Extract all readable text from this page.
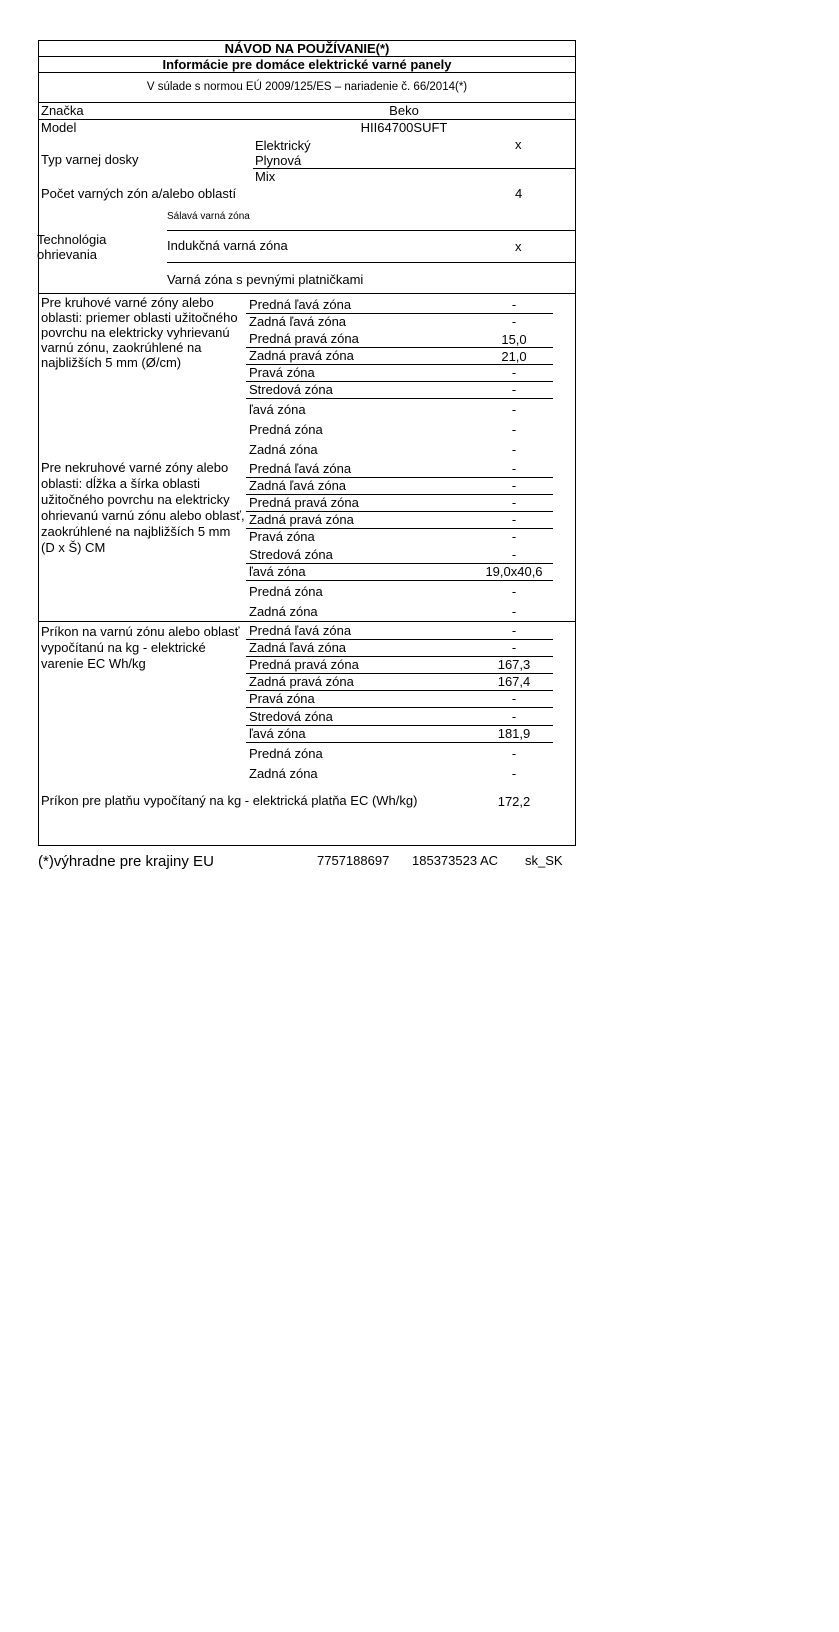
NÁVOD NA POUŽÍVANIE(*)
Informácie pre domáce elektrické varné panely
V súlade s normou EÚ 2009/125/ES – nariadenie č. 66/2014(*)
Značka	Beko
Model	HII64700SUFT
Typ varnej dosky
Elektrický	x
Plynová
Mix
Počet varných zón a/alebo oblastí	4
Sálavá varná zóna
Technológia ohrievania
Indukčná varná zóna	x
Varná zóna s pevnými platničkami
Pre kruhové varné zóny alebo oblasti: priemer oblasti užitočného povrchu na elektricky vyhrievanú varnú zónu, zaokrúhlené na najbližších 5 mm (Ø/cm)
Predná ľavá zóna	-
Zadná ľavá zóna	-
Predná pravá zóna	15,0
Zadná pravá zóna	21,0
Pravá zóna	-
Stredová zóna	-
ľavá zóna	-
Predná zóna	-
Zadná zóna	-
Pre nekruhové varné zóny alebo oblasti: dĺžka a šírka oblasti užitočného povrchu na elektricky ohrievanú varnú zónu alebo oblasť, zaokrúhlené na najbližších 5 mm (D x Š) CM
Predná ľavá zóna	-
Zadná ľavá zóna	-
Predná pravá zóna	-
Zadná pravá zóna	-
Pravá zóna	-
Stredová zóna	-
ľavá zóna	19,0x40,6
Predná zóna	-
Zadná zóna	-
Príkon na varnú zónu alebo oblasť vypočítanú na kg - elektrické varenie EC Wh/kg
Predná ľavá zóna	-
Zadná ľavá zóna	-
Predná pravá zóna	167,3
Zadná pravá zóna	167,4
Pravá zóna	-
Stredová zóna	-
ľavá zóna	181,9
Predná zóna	-
Zadná zóna	-
Príkon pre platňu vypočítaný na kg - elektrická platňa EC (Wh/kg)	172,2
(*)výhradne pre krajiny EU	7757188697 185373523 AC sk_SK
